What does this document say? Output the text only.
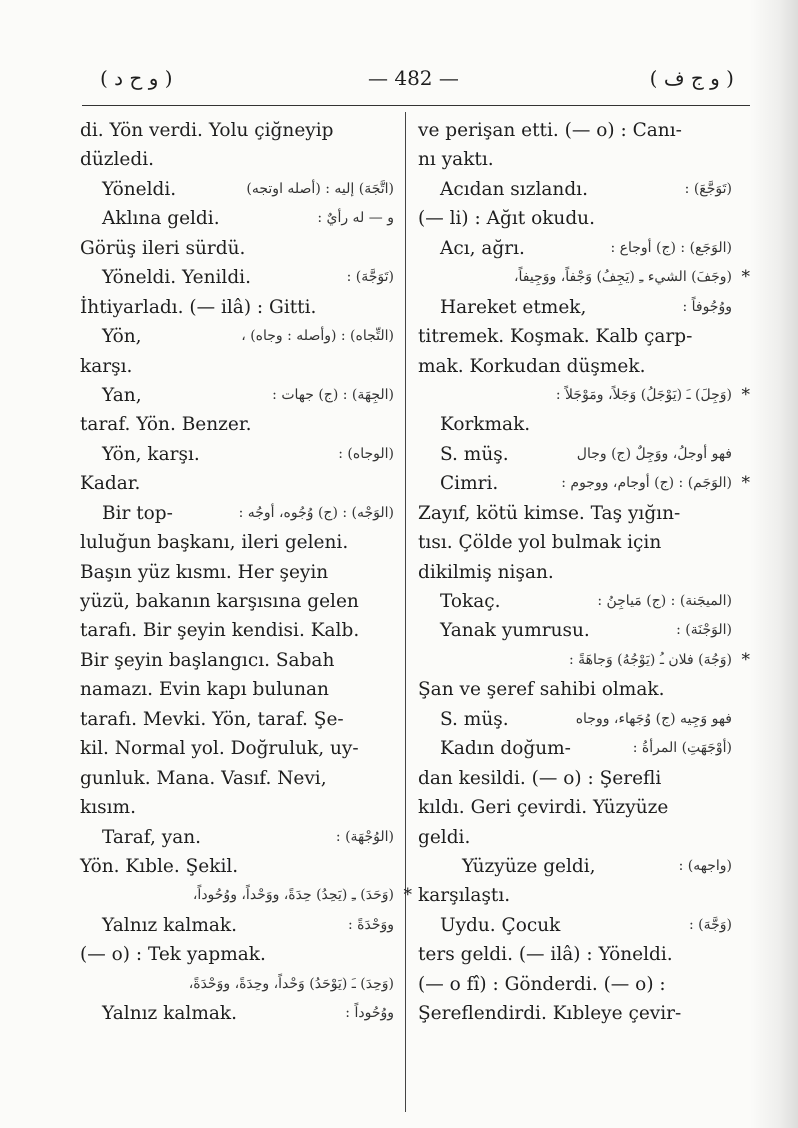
( و ح د )	— 482 —	( و ج ف )
di. Yön verdi. Yolu çiğneyip
düzledi.
Yöneldi.	(اتَّجَهَ) إليه : (أصله اوتجه)
Aklına geldi.	و — له رأيٌ :
Görüş ileri sürdü.
Yöneldi. Yenildi.	(تَوَجَّهَ) :
İhtiyarladı. (— ilâ) : Gitti.
Yön,	(التِّجاه) : (وأصله : وجاه) ،
karşı.
Yan,	(الجِهَة) : (ج) جهات :
taraf. Yön. Benzer.
Yön, karşı.	(الوجاه) :
Kadar.
Bir top-	(الوَجْه) : (ج) وُجُوه، أوجُه :
luluğun başkanı, ileri geleni.
Başın yüz kısmı. Her şeyin
yüzü, bakanın karşısına gelen
tarafı. Bir şeyin kendisi. Kalb.
Bir şeyin başlangıcı. Sabah
namazı. Evin kapı bulunan
tarafı. Mevki. Yön, taraf. Şe-
kil. Normal yol. Doğruluk, uy-
gunluk. Mana. Vasıf. Nevi,
kısım.
Taraf, yan.	(الوُجْهَة) :
Yön. Kıble. Şekil.
(وَحَدَ) ـِ (يَحِدُ) حِدَةً، ووَحْداً، ووُحُوداً، *
Yalnız kalmak.	ووَحْدَةً :
(— o) : Tek yapmak.
(وَحِدَ) ـَ (يَوْحَدُ) وَحْداً، وحِدَةً، ووَحْدَةً،
Yalnız kalmak.	ووُحُوداً :
ve perişan etti. (— o) : Canı-
nı yaktı.
Acıdan sızlandı.	(تَوَجَّعَ) :
(— li) : Ağıt okudu.
Acı, ağrı.	(الوَجَع) : (ج) أوجاع :
(وجَفَ) الشيء ـِ (يَجِفُ) وَجْفاً، ووَجِيفاً، *
Hareket etmek,	ووُجُوفاً :
titremek. Koşmak. Kalb çarp-
mak. Korkudan düşmek.
(وَجِلَ) ـَ (يَوْجَلُ) وَجَلاً، ومَوْجَلاً : *
Korkmak.
S. müş.	فهو أوجلُ، ووَجِلٌ (ج) وجال
Cimri.	(الوَجَم) : (ج) أوجام، ووجوم : *
Zayıf, kötü kimse. Taş yığın-
tısı. Çölde yol bulmak için
dikilmiş nişan.
Tokaç.	(الميجَنة) : (ج) مَياجِنُ :
Yanak yumrusu.	(الوَجْنَة) :
(وَجُهَ) فلان ـُ (يَوْجُهُ) وَجاهَةً : *
Şan ve şeref sahibi olmak.
S. müş.	فهو وَجِيه (ج) وُجَهاء، ووجاه
Kadın doğum-	(أوْجَهَتِ) المرأةُ :
dan kesildi. (— o) : Şerefli
kıldı. Geri çevirdi. Yüzyüze
geldi.
Yüzyüze geldi,	(واجهه) :
karşılaştı.
Uydu. Çocuk	(وَجَّهَ) :
ters geldi. (— ilâ) : Yöneldi.
(— o fî) : Gönderdi. (— o) :
Şereflendirdi. Kıbleye çevir-
